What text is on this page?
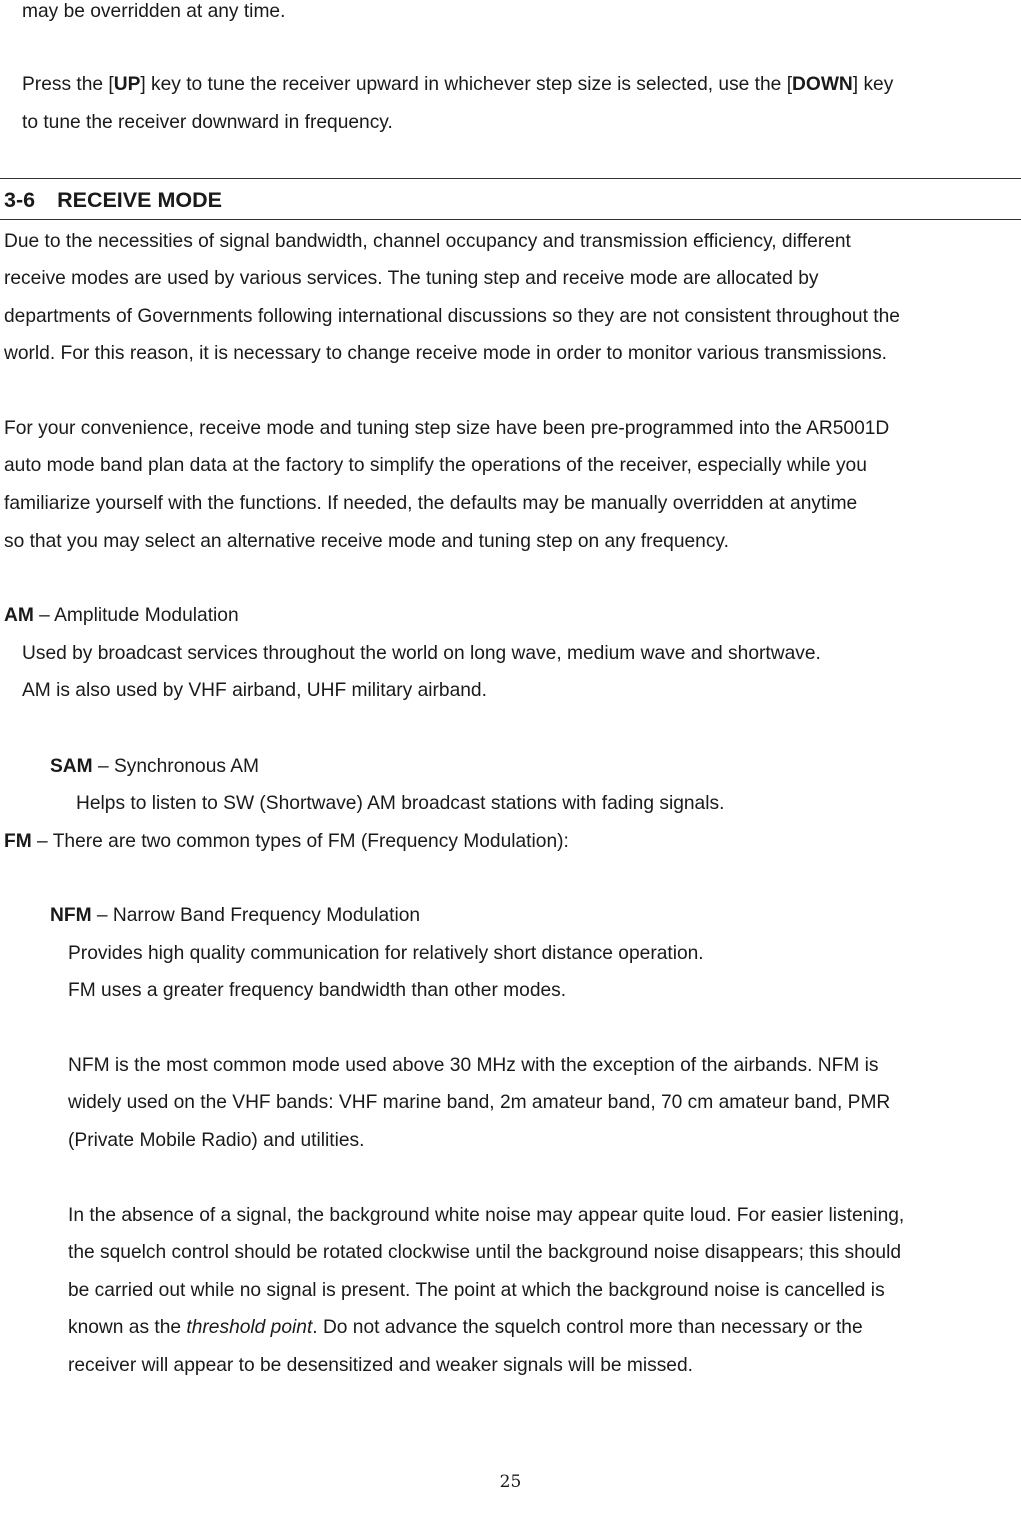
may be overridden at any time.
Press the [UP] key to tune the receiver upward in whichever step size is selected, use the [DOWN] key
to tune the receiver downward in frequency.
3-6 RECEIVE MODE
Due to the necessities of signal bandwidth, channel occupancy and transmission efficiency, different
receive modes are used by various services. The tuning step and receive mode are allocated by
departments of Governments following international discussions so they are not consistent throughout the
world. For this reason, it is necessary to change receive mode in order to monitor various transmissions.
For your convenience, receive mode and tuning step size have been pre-programmed into the AR5001D
auto mode band plan data at the factory to simplify the operations of the receiver, especially while you
familiarize yourself with the functions. If needed, the defaults may be manually overridden at anytime
so that you may select an alternative receive mode and tuning step on any frequency.
AM – Amplitude Modulation
Used by broadcast services throughout the world on long wave, medium wave and shortwave.
AM is also used by VHF airband, UHF military airband.
SAM – Synchronous AM
Helps to listen to SW (Shortwave) AM broadcast stations with fading signals.
FM – There are two common types of FM (Frequency Modulation):
NFM – Narrow Band Frequency Modulation
Provides high quality communication for relatively short distance operation.
FM uses a greater frequency bandwidth than other modes.
NFM is the most common mode used above 30 MHz with the exception of the airbands. NFM is
widely used on the VHF bands: VHF marine band, 2m amateur band, 70 cm amateur band, PMR
(Private Mobile Radio) and utilities.
In the absence of a signal, the background white noise may appear quite loud. For easier listening,
the squelch control should be rotated clockwise until the background noise disappears; this should
be carried out while no signal is present. The point at which the background noise is cancelled is
known as the threshold point. Do not advance the squelch control more than necessary or the
receiver will appear to be desensitized and weaker signals will be missed.
25
